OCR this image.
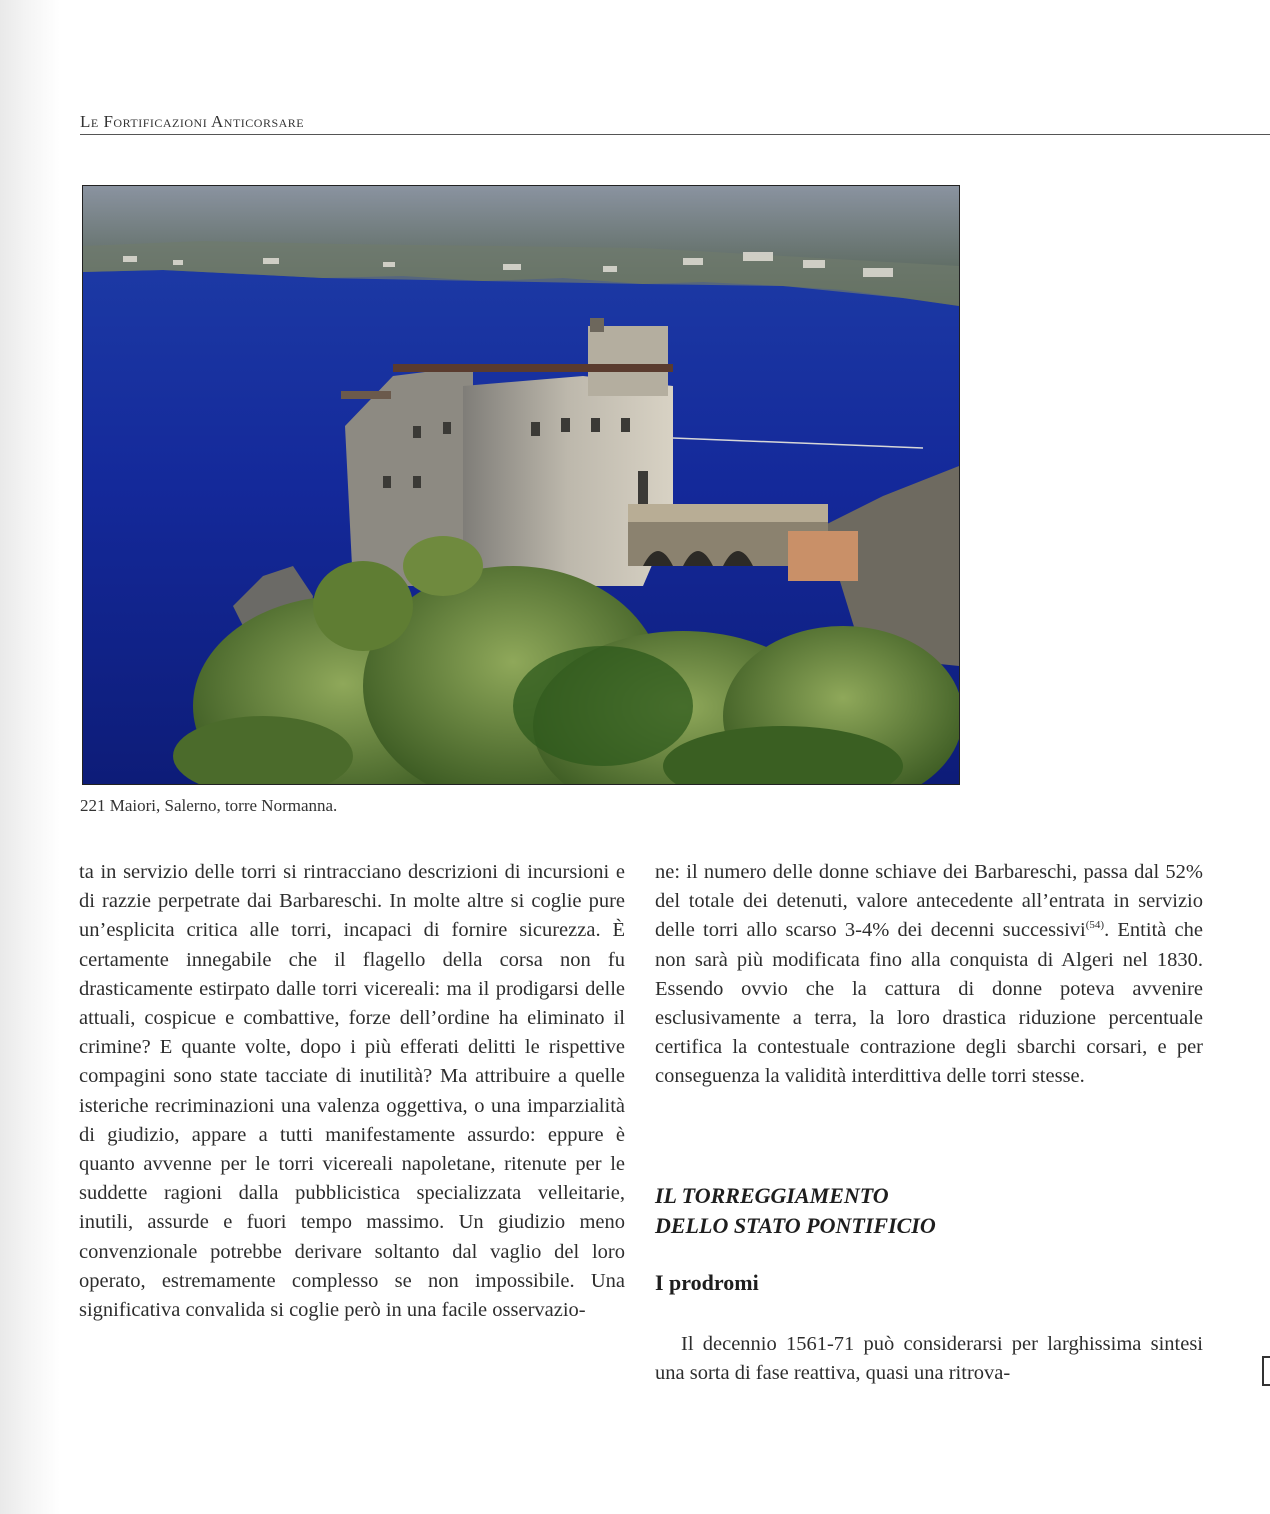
Le Fortificazioni Anticorsare
221 Maiori, Salerno, torre Normanna.

ta in servizio delle torri si rintracciano descrizioni di incursioni e di razzie perpetrate dai Barbareschi. In molte altre si coglie pure un’esplicita critica alle torri, incapaci di fornire sicurezza. È certamente innegabile che il flagello della corsa non fu drasticamente estirpato dalle torri vicereali: ma il prodigarsi delle attuali, cospicue e combattive, forze dell’ordine ha eliminato il crimine? E quante volte, dopo i più efferati delitti le rispettive compagini sono state tacciate di inutilità? Ma attribuire a quelle isteriche recriminazioni una valenza oggettiva, o una imparzialità di giudizio, appare a tutti manifestamente assurdo: eppure è quanto avvenne per le torri vicereali napoletane, ritenute per le suddette ragioni dalla pubblicistica specializzata velleitarie, inutili, assurde e fuori tempo massimo. Un giudizio meno convenzionale potrebbe derivare soltanto dal vaglio del loro operato, estremamente complesso se non impossibile. Una significativa convalida si coglie però in una facile osservazio-

ne: il numero delle donne schiave dei Barbareschi, passa dal 52% del totale dei detenuti, valore antecedente all’entrata in servizio delle torri allo scarso 3-4% dei decenni successivi$^{(54)}$. Entità che non sarà più modificata fino alla conquista di Algeri nel 1830. Essendo ovvio che la cattura di donne poteva avvenire esclusivamente a terra, la loro drastica riduzione percentuale certifica la contestuale contrazione degli sbarchi corsari, e per conseguenza la validità interdittiva delle torri stesse.

IL TORREGGIAMENTO
DELLO STATO PONTIFICIO
I prodromi

Il decennio 1561-71 può considerarsi per larghissima sintesi una sorta di fase reattiva, quasi una ritrova-
